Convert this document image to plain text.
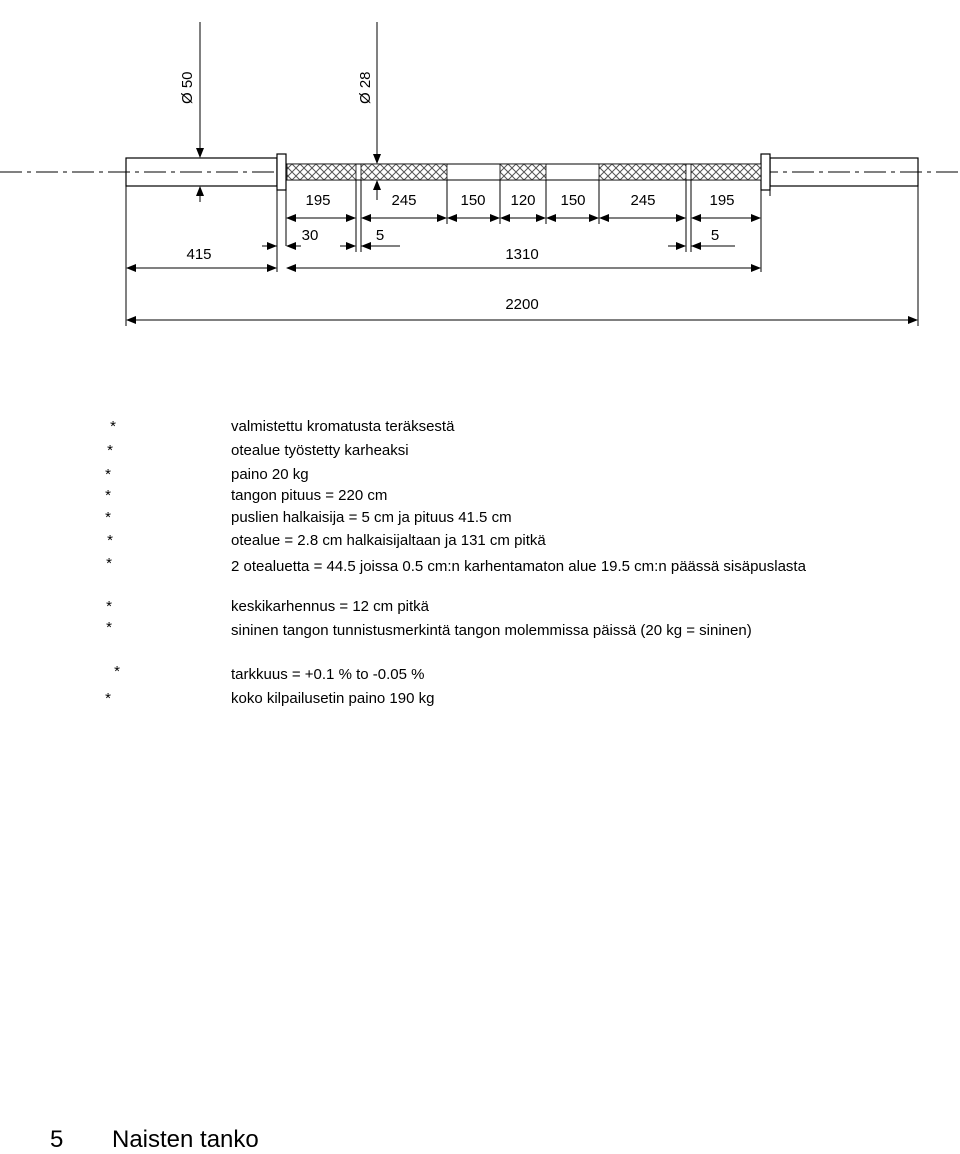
Ø 50	Ø 28
195	245	150 120 150	245	195
30	5
1310
5
415
2200
*	valmistettu kromatusta teräksestä
*	otealue työstetty karheaksi
*	paino 20 kg
*	tangon pituus = 220 cm
*	puslien halkaisija = 5 cm ja pituus 41.5 cm
*	otealue = 2.8 cm halkaisijaltaan ja 131 cm pitkä
*	2 otealuetta = 44.5 joissa 0.5 cm:n karhentamaton alue 19.5 cm:n päässä sisäpuslasta
*	keskikarhennus = 12 cm pitkä
*	sininen tangon tunnistusmerkintä tangon molemmissa päissä (20 kg = sininen)
*	tarkkuus = +0.1 % to -0.05 %
*	koko kilpailusetin paino 190 kg
5 Naisten tanko
